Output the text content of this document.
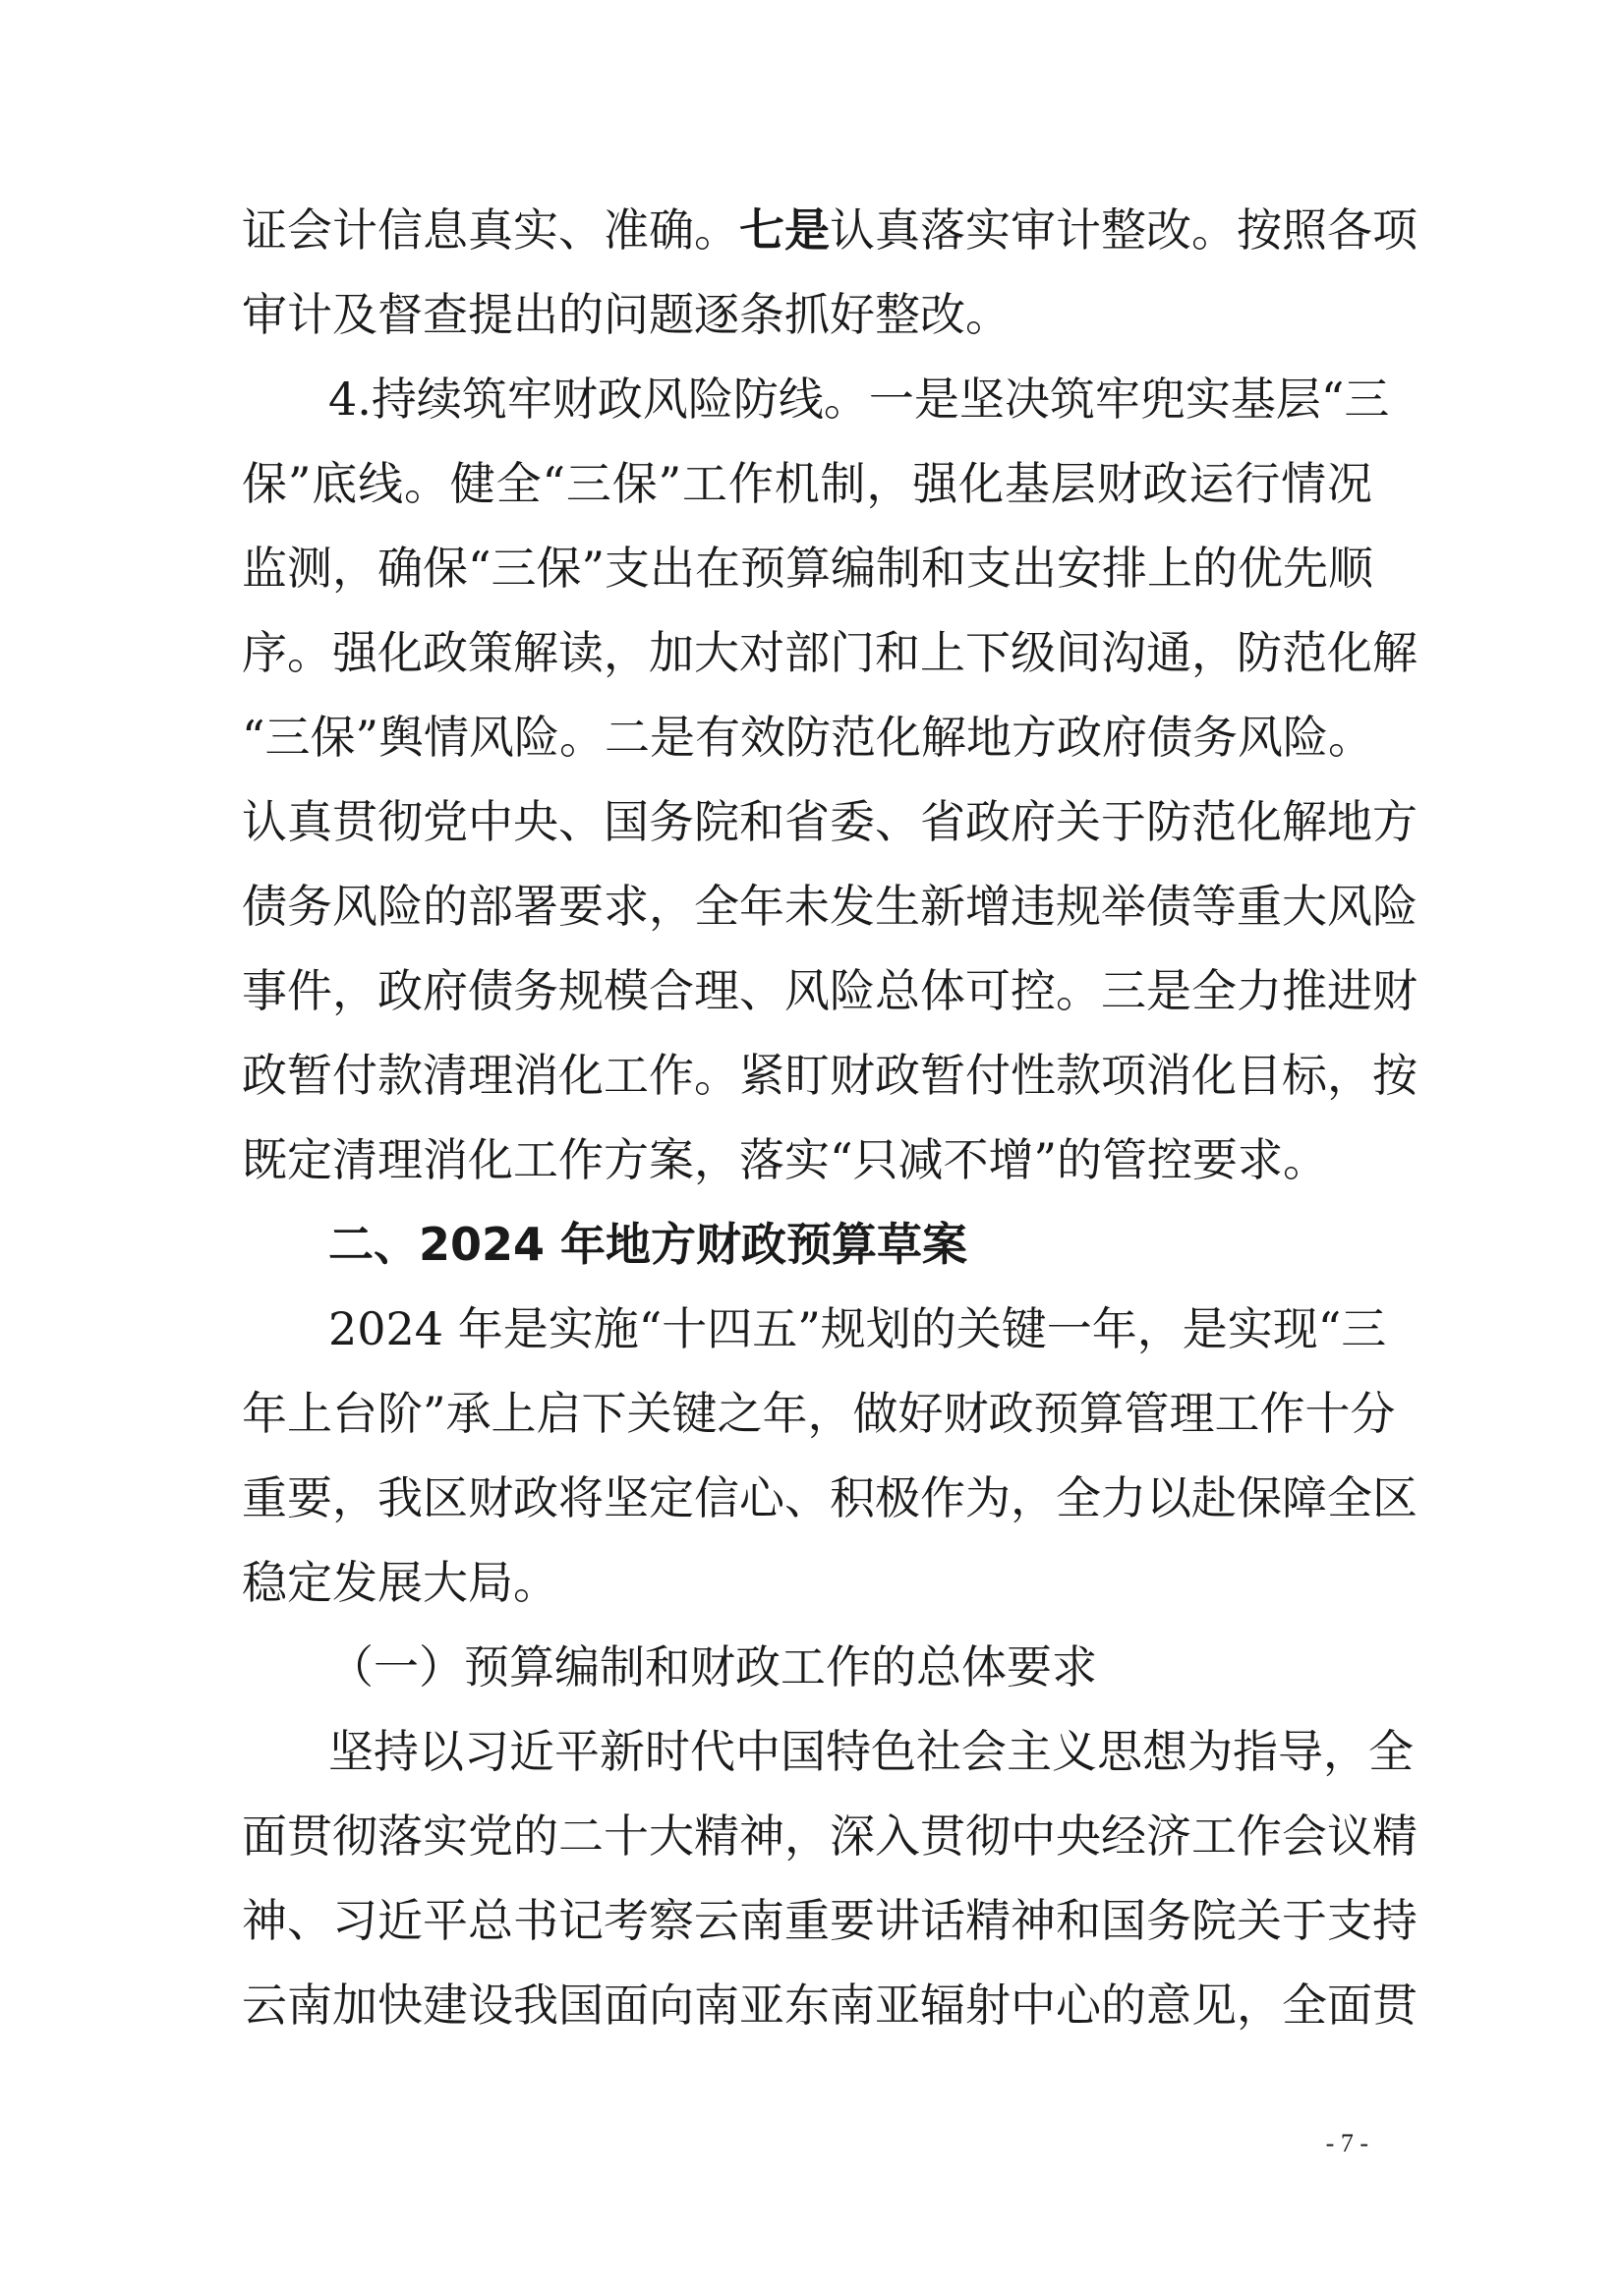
证会计信息真实、准确。七是认真落实审计整改。按照各项
审计及督查提出的问题逐条抓好整改。
4.持续筑牢财政风险防线。一是坚决筑牢兜实基层“三
保”底线。健全“三保”工作机制，强化基层财政运行情况
监测，确保“三保”支出在预算编制和支出安排上的优先顺
序。强化政策解读，加大对部门和上下级间沟通，防范化解
“三保”舆情风险。二是有效防范化解地方政府债务风险。
认真贯彻党中央、国务院和省委、省政府关于防范化解地方
债务风险的部署要求，全年未发生新增违规举债等重大风险
事件，政府债务规模合理、风险总体可控。三是全力推进财
政暂付款清理消化工作。紧盯财政暂付性款项消化目标，按
既定清理消化工作方案，落实“只减不增”的管控要求。
二、2024 年地方财政预算草案
2024 年是实施“十四五”规划的关键一年，是实现“三
年上台阶”承上启下关键之年，做好财政预算管理工作十分
重要，我区财政将坚定信心、积极作为，全力以赴保障全区
稳定发展大局。
（一）预算编制和财政工作的总体要求
坚持以习近平新时代中国特色社会主义思想为指导，全
面贯彻落实党的二十大精神，深入贯彻中央经济工作会议精
神、习近平总书记考察云南重要讲话精神和国务院关于支持
云南加快建设我国面向南亚东南亚辐射中心的意见，全面贯
- 7 -
